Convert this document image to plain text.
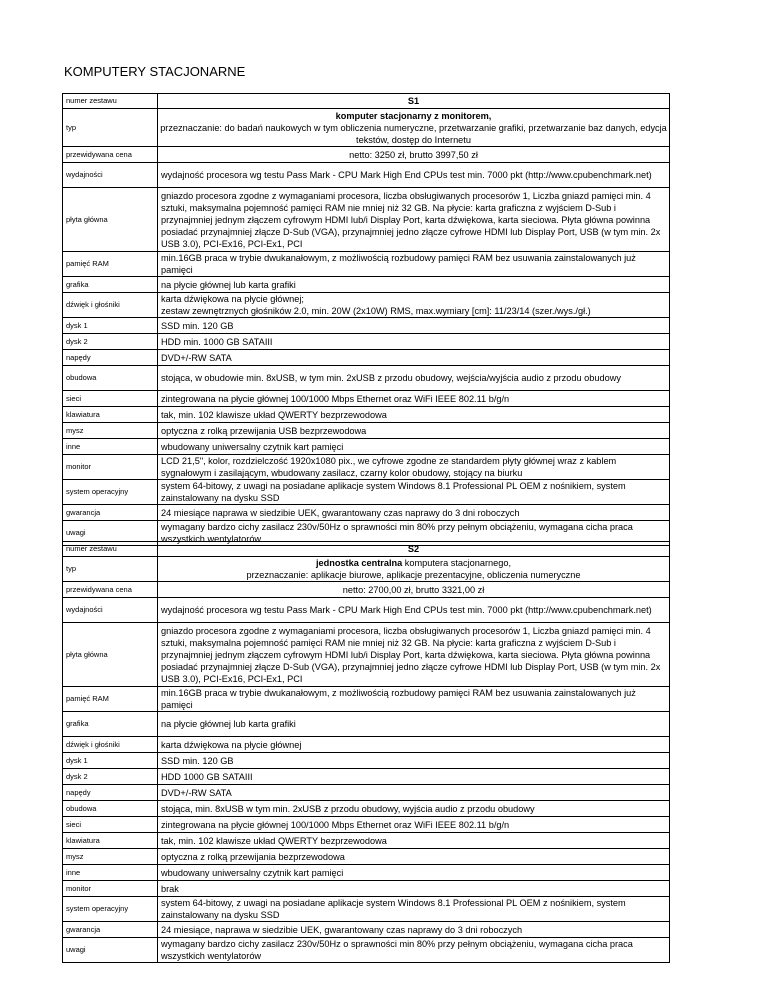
KOMPUTERY STACJONARNE
numer zestawu	S1
typ	komputer stacjonarny z monitorem,
przeznaczanie: do badań naukowych w tym obliczenia numeryczne, przetwarzanie grafiki, przetwarzanie baz danych, edycja tekstów, dostęp do Internetu
przewidywana cena	netto: 3250 zł, brutto 3997,50 zł
wydajności	wydajność procesora wg testu Pass Mark - CPU Mark High End CPUs test min. 7000 pkt (http://www.cpubenchmark.net)
płyta główna	gniazdo procesora zgodne z wymaganiami procesora, liczba obsługiwanych procesorów 1, Liczba gniazd pamięci min. 4 sztuki, maksymalna pojemność pamięci RAM nie mniej niż 32 GB. Na płycie: karta graficzna z wyjściem D-Sub i przynajmniej jednym złączem cyfrowym HDMI lub/i Display Port, karta dźwiękowa, karta sieciowa. Płyta główna powinna posiadać przynajmniej złącze D-Sub (VGA), przynajmniej jedno złącze cyfrowe HDMI lub Display Port, USB (w tym min. 2x USB 3.0), PCI-Ex16, PCI-Ex1, PCI
pamięć RAM	min.16GB praca w trybie dwukanałowym, z możliwością rozbudowy pamięci RAM bez usuwania zainstalowanych już pamięci
grafika	na płycie głównej lub karta grafiki
dźwięk i głośniki	karta dźwiękowa na płycie głównej;
zestaw zewnętrznych głośników 2.0, min. 20W (2x10W) RMS, max.wymiary [cm]: 11/23/14 (szer./wys./gł.)
dysk 1	SSD min. 120 GB
dysk 2	HDD min. 1000 GB SATAIII
napędy	DVD+/-RW SATA
obudowa	stojąca, w obudowie min. 8xUSB, w tym min. 2xUSB z przodu obudowy, wejścia/wyjścia audio z przodu obudowy
sieci	zintegrowana na płycie głównej 100/1000 Mbps Ethernet oraz WiFi IEEE 802.11 b/g/n
klawiatura	tak, min. 102 klawisze układ QWERTY bezprzewodowa
mysz	optyczna z rolką przewijania USB bezprzewodowa
inne	wbudowany uniwersalny czytnik kart pamięci
monitor	LCD 21,5", kolor, rozdzielczość 1920x1080 pix., we cyfrowe zgodne ze standardem płyty głównej wraz z kablem sygnałowym i zasilającym, wbudowany zasilacz, czarny kolor obudowy, stojący na biurku
system operacyjny	system 64-bitowy, z uwagi na posiadane aplikacje system Windows 8.1 Professional PL OEM z nośnikiem, system zainstalowany na dysku SSD
gwarancja	24 miesiące naprawa w siedzibie UEK, gwarantowany czas naprawy do 3 dni roboczych
uwagi	wymagany bardzo cichy zasilacz 230v/50Hz o sprawności min 80% przy pełnym obciążeniu, wymagana cicha praca wszystkich wentylatorów
numer zestawu	S2
typ	jednostka centralna komputera stacjonarnego,
przeznaczanie: aplikacje biurowe, aplikacje prezentacyjne, obliczenia numeryczne
przewidywana cena	netto: 2700,00 zł, brutto 3321,00 zł
wydajności	wydajność procesora wg testu Pass Mark - CPU Mark High End CPUs test min. 7000 pkt (http://www.cpubenchmark.net)
płyta główna	gniazdo procesora zgodne z wymaganiami procesora, liczba obsługiwanych procesorów 1, Liczba gniazd pamięci min. 4 sztuki, maksymalna pojemność pamięci RAM nie mniej niż 32 GB. Na płycie: karta graficzna z wyjściem D-Sub i przynajmniej jednym złączem cyfrowym HDMI lub/i Display Port, karta dźwiękowa, karta sieciowa. Płyta główna powinna posiadać przynajmniej złącze D-Sub (VGA), przynajmniej jedno złącze cyfrowe HDMI lub Display Port, USB (w tym min. 2x USB 3.0), PCI-Ex16, PCI-Ex1, PCI
pamięć RAM	min.16GB praca w trybie dwukanałowym, z możliwością rozbudowy pamięci RAM bez usuwania zainstalowanych już pamięci
grafika	na płycie głównej lub karta grafiki
dźwięk i głośniki	karta dźwiękowa na płycie głównej
dysk 1	SSD min. 120 GB
dysk 2	HDD 1000 GB SATAIII
napędy	DVD+/-RW SATA
obudowa	stojąca, min. 8xUSB w tym min. 2xUSB z przodu obudowy, wyjścia audio z przodu obudowy
sieci	zintegrowana na płycie głównej 100/1000 Mbps Ethernet oraz WiFi IEEE 802.11 b/g/n
klawiatura	tak, min. 102 klawisze układ QWERTY bezprzewodowa
mysz	optyczna z rolką przewijania bezprzewodowa
inne	wbudowany uniwersalny czytnik kart pamięci
monitor	brak
system operacyjny	system 64-bitowy, z uwagi na posiadane aplikacje system Windows 8.1 Professional PL OEM z nośnikiem, system zainstalowany na dysku SSD
gwarancja	24 miesiące, naprawa w siedzibie UEK, gwarantowany czas naprawy do 3 dni roboczych
uwagi	wymagany bardzo cichy zasilacz 230v/50Hz o sprawności min 80% przy pełnym obciążeniu, wymagana cicha praca wszystkich wentylatorów
